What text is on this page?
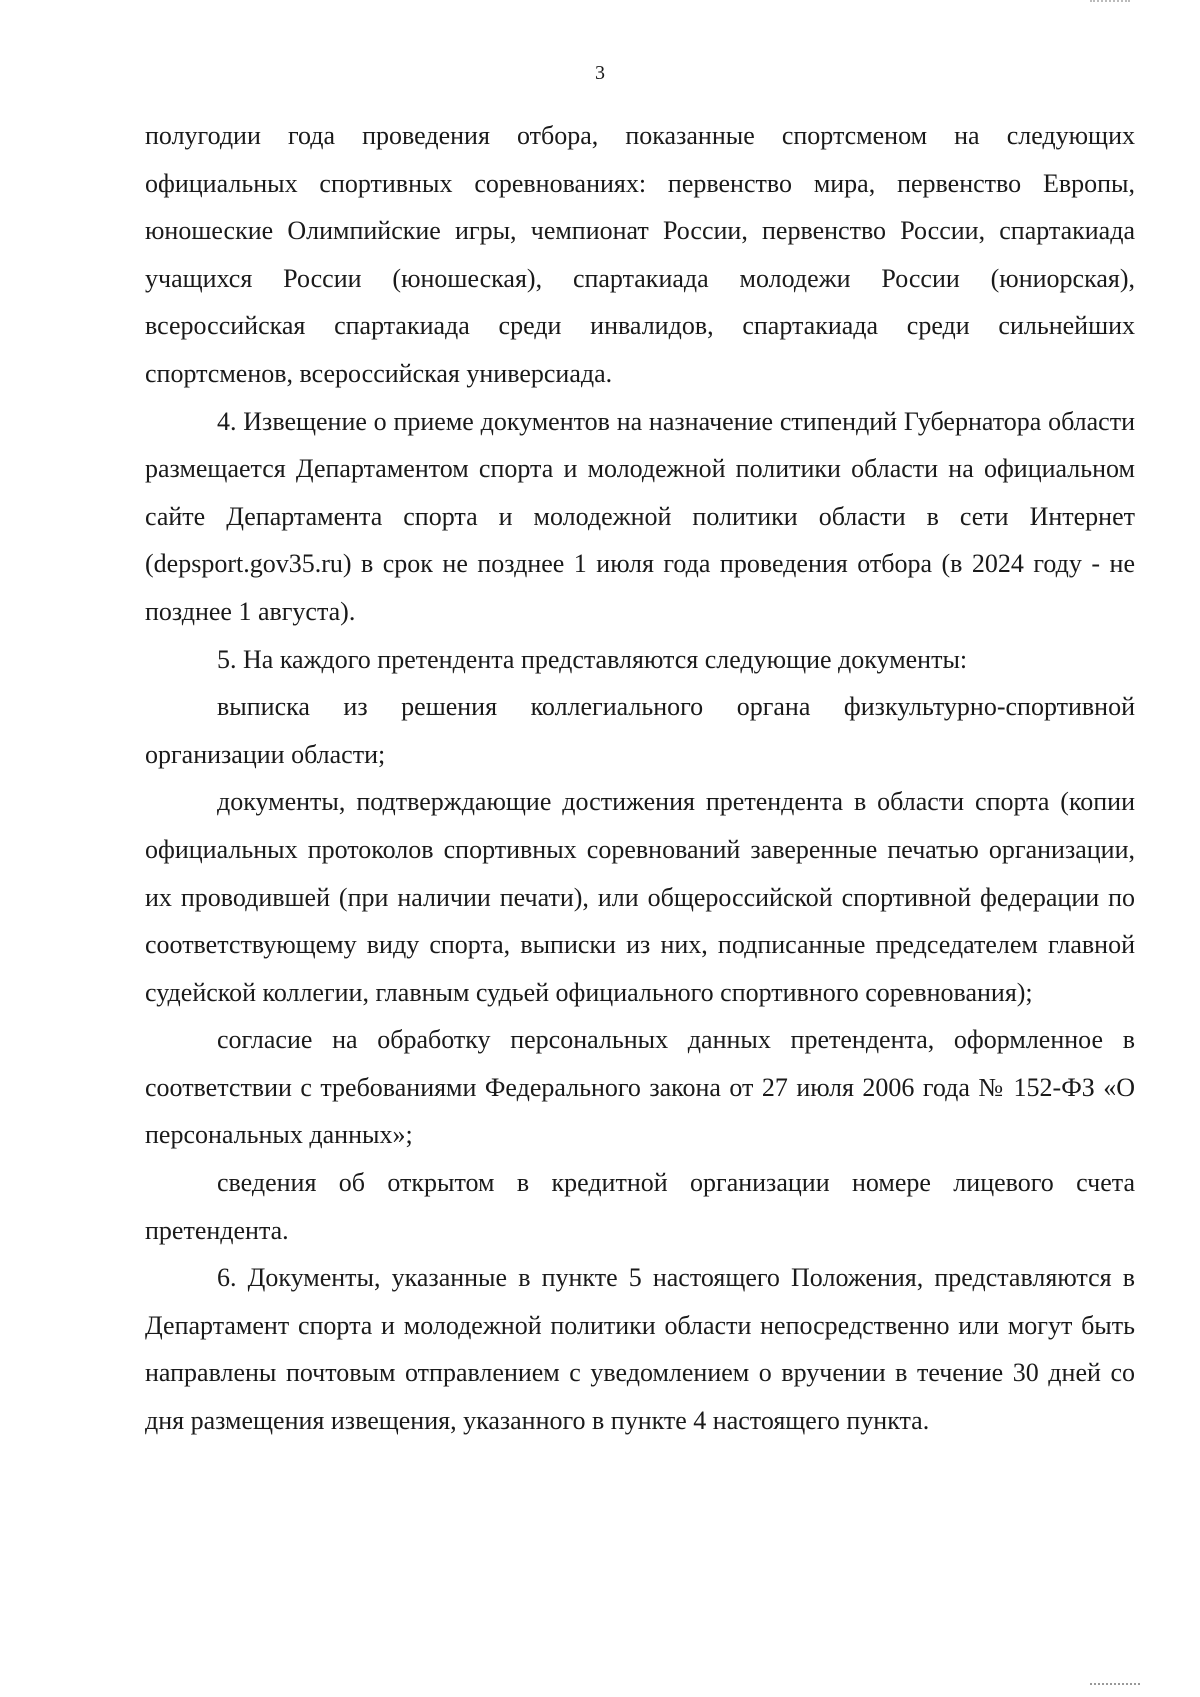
3

полугодии года проведения отбора, показанные спортсменом на следующих официальных спортивных соревнованиях: первенство мира, первенство Европы, юношеские Олимпийские игры, чемпионат России, первенство России, спартакиада учащихся России (юношеская), спартакиада молодежи России (юниорская), всероссийская спартакиада среди инвалидов, спартакиада среди сильнейших спортсменов, всероссийская универсиада.

4. Извещение о приеме документов на назначение стипендий Губернатора области размещается Департаментом спорта и молодежной политики области на официальном сайте Департамента спорта и молодежной политики области в сети Интернет (depsport.gov35.ru) в срок не позднее 1 июля года проведения отбора (в 2024 году - не позднее 1 августа).

5. На каждого претендента представляются следующие документы:

выписка из решения коллегиального органа физкультурно-спортивной организации области;

документы, подтверждающие достижения претендента в области спорта (копии официальных протоколов спортивных соревнований заверенные печатью организации, их проводившей (при наличии печати), или общероссийской спортивной федерации по соответствующему виду спорта, выписки из них, подписанные председателем главной судейской коллегии, главным судьей официального спортивного соревнования);

согласие на обработку персональных данных претендента, оформленное в соответствии с требованиями Федерального закона от 27 июля 2006 года № 152-ФЗ «О персональных данных»;

сведения об открытом в кредитной организации номере лицевого счета претендента.

6. Документы, указанные в пункте 5 настоящего Положения, представляются в Департамент спорта и молодежной политики области непосредственно или могут быть направлены почтовым отправлением с уведомлением о вручении в течение 30 дней со дня размещения извещения, указанного в пункте 4 настоящего пункта.
